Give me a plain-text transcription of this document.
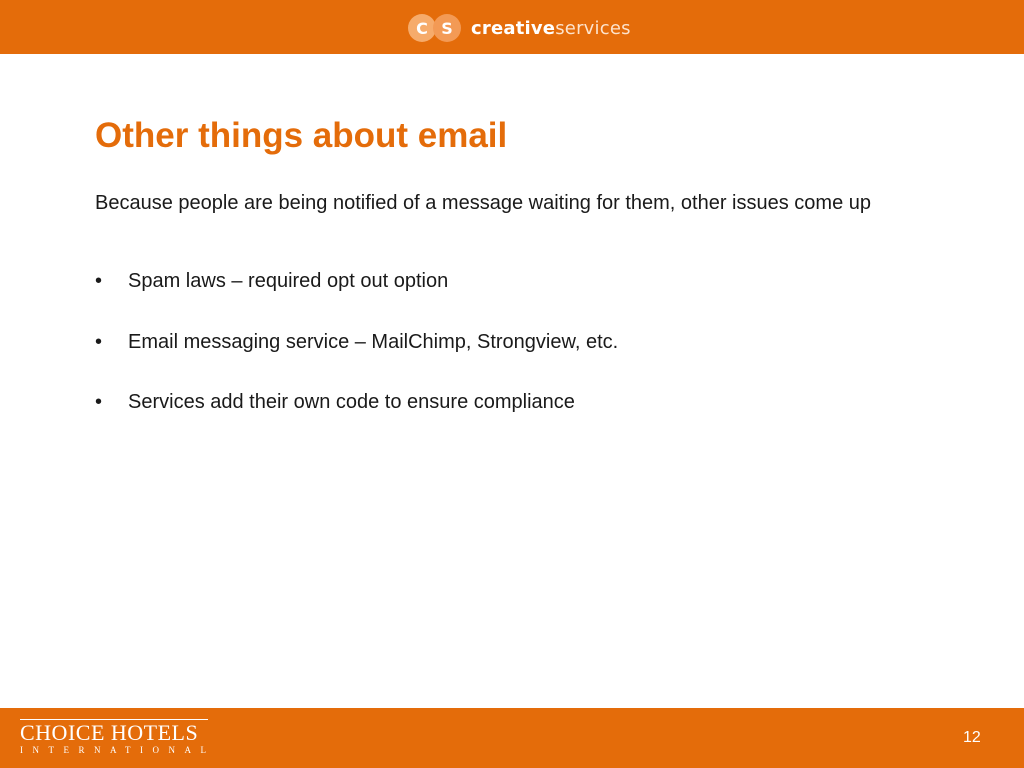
C S	creativeservices
Other things about email

Because people are being notified of a message waiting for them, other issues come up

• Spam laws – required opt out option
• Email messaging service – MailChimp, Strongview, etc.
• Services add their own code to ensure compliance
CHOICE HOTELS
INTERNATIONAL
12
